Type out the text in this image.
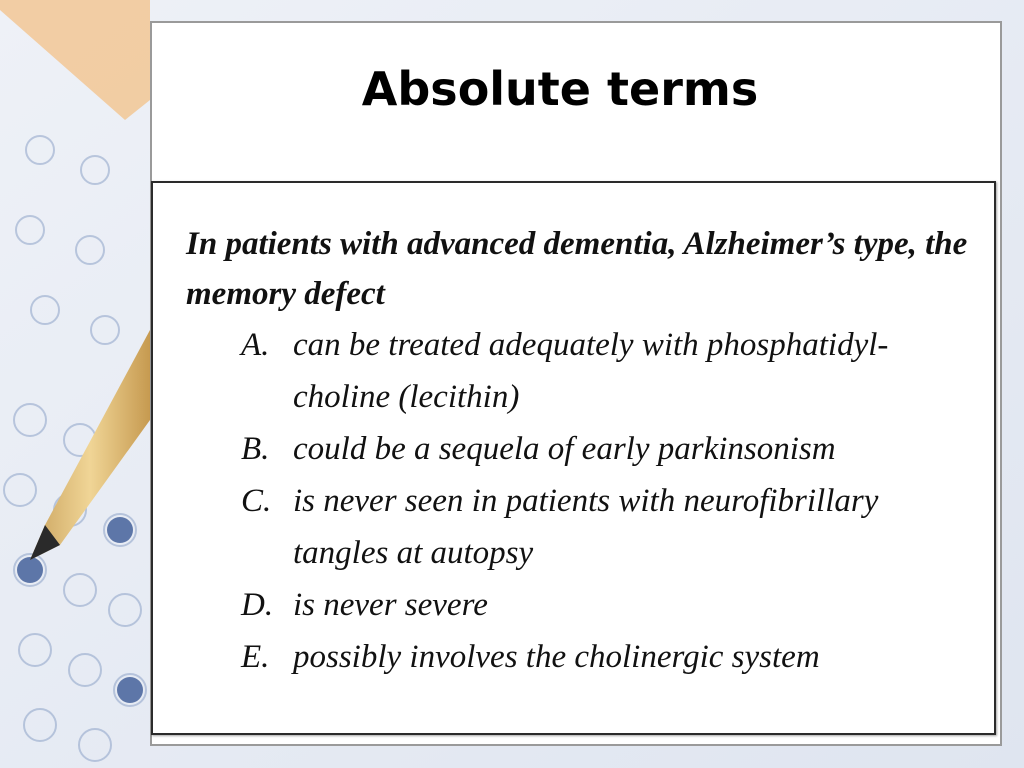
Absolute terms
In patients with advanced dementia, Alzheimer’s type, the memory defect
A. can be treated adequately with phosphatidyl-choline (lecithin)
B. could be a sequela of early parkinsonism
C. is never seen in patients with neurofibrillary tangles at autopsy
D. is never severe
E. possibly involves the cholinergic system
